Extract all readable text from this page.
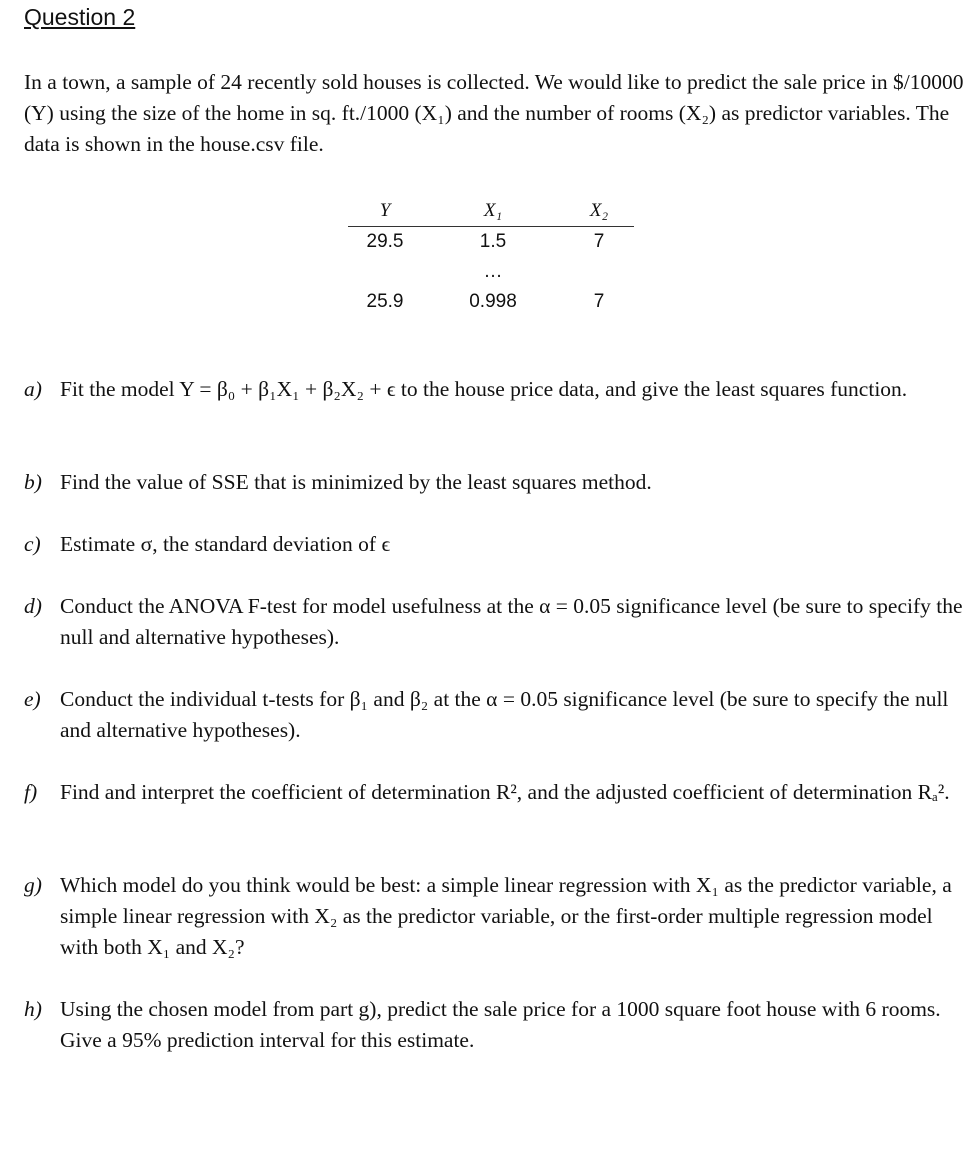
Question 2
In a town, a sample of 24 recently sold houses is collected. We would like to predict the sale price in $/10000 (Y) using the size of the home in sq. ft./1000 (X₁) and the number of rooms (X₂) as predictor variables. The data is shown in the house.csv file.
Y	X₁	X₂
29.5	1.5	7
	…	
25.9	0.998	7
a) Fit the model Y = β₀ + β₁X₁ + β₂X₂ + ϵ to the house price data, and give the least squares function.
b) Find the value of SSE that is minimized by the least squares method.
c) Estimate σ, the standard deviation of ϵ
d) Conduct the ANOVA F-test for model usefulness at the α = 0.05 significance level (be sure to specify the null and alternative hypotheses).
e) Conduct the individual t-tests for β₁ and β₂ at the α = 0.05 significance level (be sure to specify the null and alternative hypotheses).
f) Find and interpret the coefficient of determination R², and the adjusted coefficient of determination Rₐ².
g) Which model do you think would be best: a simple linear regression with X₁ as the predictor variable, a simple linear regression with X₂ as the predictor variable, or the first-order multiple regression model with both X₁ and X₂?
h) Using the chosen model from part g), predict the sale price for a 1000 square foot house with 6 rooms. Give a 95% prediction interval for this estimate.
